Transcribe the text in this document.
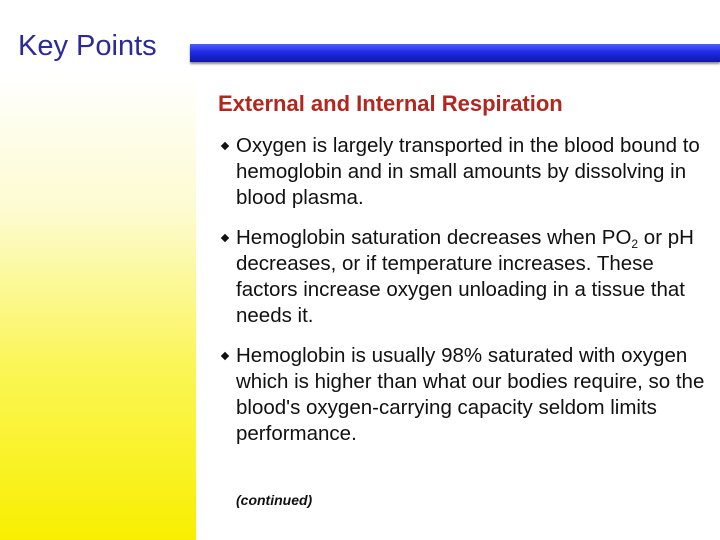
Key Points
External and Internal Respiration
Oxygen is largely transported in the blood bound to hemoglobin and in small amounts by dissolving in blood plasma.
Hemoglobin saturation decreases when $PO_2$ or pH decreases, or if temperature increases. These factors increase oxygen unloading in a tissue that needs it.
Hemoglobin is usually 98% saturated with oxygen which is higher than what our bodies require, so the blood's oxygen-carrying capacity seldom limits performance.
(continued)
